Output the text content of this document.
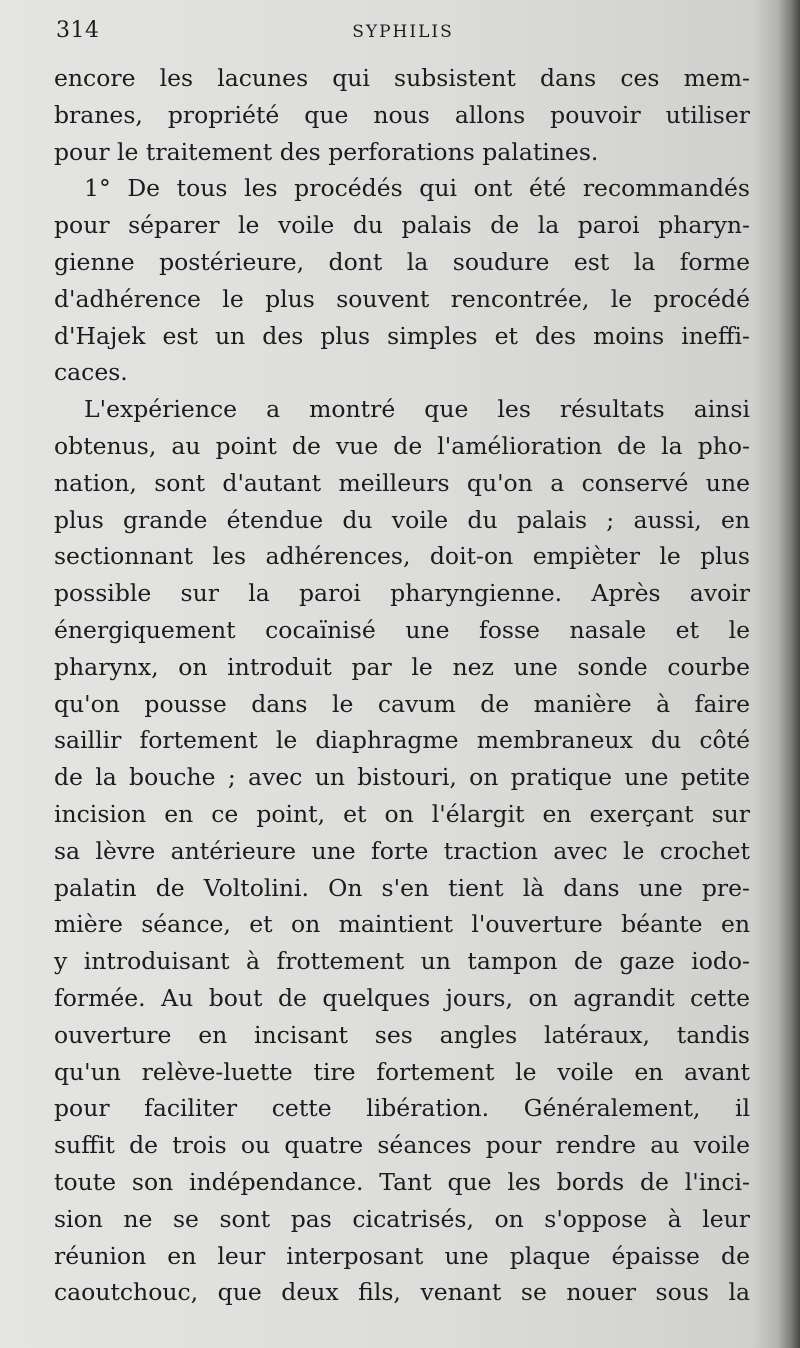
314	SYPHILIS
encore les lacunes qui subsistent dans ces mem-
branes, propriété que nous allons pouvoir utiliser
pour le traitement des perforations palatines.
1° De tous les procédés qui ont été recommandés
pour séparer le voile du palais de la paroi pharyn-
gienne postérieure, dont la soudure est la forme
d'adhérence le plus souvent rencontrée, le procédé
d'Hajek est un des plus simples et des moins ineffi-
caces.
L'expérience a montré que les résultats ainsi
obtenus, au point de vue de l'amélioration de la pho-
nation, sont d'autant meilleurs qu'on a conservé une
plus grande étendue du voile du palais ; aussi, en
sectionnant les adhérences, doit-on empièter le plus
possible sur la paroi pharyngienne. Après avoir
énergiquement cocaïnisé une fosse nasale et le
pharynx, on introduit par le nez une sonde courbe
qu'on pousse dans le cavum de manière à faire
saillir fortement le diaphragme membraneux du côté
de la bouche ; avec un bistouri, on pratique une petite
incision en ce point, et on l'élargit en exerçant sur
sa lèvre antérieure une forte traction avec le crochet
palatin de Voltolini. On s'en tient là dans une pre-
mière séance, et on maintient l'ouverture béante en
y introduisant à frottement un tampon de gaze iodo-
formée. Au bout de quelques jours, on agrandit cette
ouverture en incisant ses angles latéraux, tandis
qu'un relève-luette tire fortement le voile en avant
pour faciliter cette libération. Généralement, il
suffit de trois ou quatre séances pour rendre au voile
toute son indépendance. Tant que les bords de l'inci-
sion ne se sont pas cicatrisés, on s'oppose à leur
réunion en leur interposant une plaque épaisse de
caoutchouc, que deux fils, venant se nouer sous la
